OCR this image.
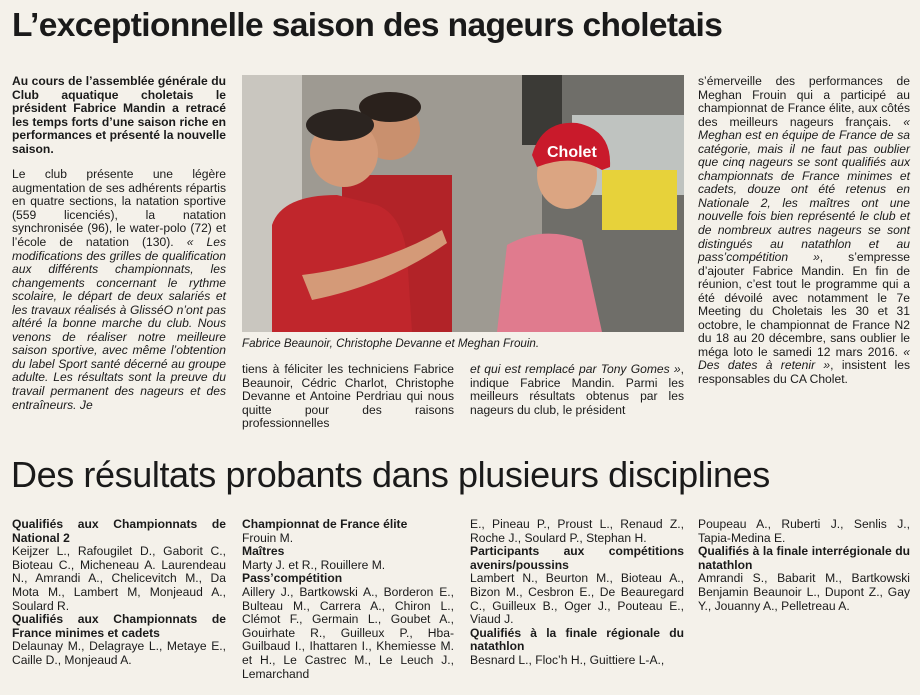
L’exceptionnelle saison des nageurs choletais

Au cours de l’assemblée générale du Club aquatique choletais le président Fabrice Mandin a retracé les temps forts d’une saison riche en performances et présenté la nouvelle saison.

Le club présente une légère augmentation de ses adhérents répartis en quatre sections, la natation sportive (559 licenciés), la natation synchronisée (96), le water-polo (72) et l’école de natation (130). « Les modifications des grilles de qualification aux différents championnats, les changements concernant le rythme scolaire, le départ de deux salariés et les travaux réalisés à GlisséO n’ont pas altéré la bonne marche du club. Nous venons de réaliser notre meilleure saison sportive, avec même l’obtention du label Sport santé décerné au groupe adulte. Les résultats sont la preuve du travail permanent des nageurs et des entraîneurs. Je

Cholet
Fabrice Beaunoir, Christophe Devanne et Meghan Frouin.

tiens à féliciter les techniciens Fabrice Beaunoir, Cédric Charlot, Christophe Devanne et Antoine Perdriau qui nous quitte pour des raisons professionnelles

et qui est remplacé par Tony Gomes », indique Fabrice Mandin. Parmi les meilleurs résultats obtenus par les nageurs du club, le président

s’émerveille des performances de Meghan Frouin qui a participé au championnat de France élite, aux côtés des meilleurs nageurs français. « Meghan est en équipe de France de sa catégorie, mais il ne faut pas oublier que cinq nageurs se sont qualifiés aux championnats de France minimes et cadets, douze ont été retenus en Nationale 2, les maîtres ont une nouvelle fois bien représenté le club et de nombreux autres nageurs se sont distingués au natathlon et au pass’compétition », s’empresse d’ajouter Fabrice Mandin. En fin de réunion, c’est tout le programme qui a été dévoilé avec notamment le 7e Meeting du Choletais les 30 et 31 octobre, le championnat de France N2 du 18 au 20 décembre, sans oublier le méga loto le samedi 12 mars 2016. « Des dates à retenir », insistent les responsables du CA Cholet.

Des résultats probants dans plusieurs disciplines

Qualifiés aux Championnats de National 2

Keijzer L., Rafougilet D., Gaborit C., Bioteau C., Micheneau A. Laurendeau N., Amrandi A., Chelicevitch M., Da Mota M., Lambert M, Monjeaud A., Soulard R.

Qualifiés aux Championnats de France minimes et cadets

Delaunay M., Delagraye L., Metaye E., Caille D., Monjeaud A.

Championnat de France élite

Frouin M.

Maîtres

Marty J. et R., Rouillere M.

Pass’compétition

Aillery J., Bartkowski A., Borderon E., Bulteau M., Carrera A., Chiron L., Clémot F., Germain L., Goubet A., Gouirhate R., Guilleux P., Hba-Guilbaud I., Ihattaren I., Khemiesse M. et H., Le Castrec M., Le Leuch J., Lemarchand

E., Pineau P., Proust L., Renaud Z., Roche J., Soulard P., Stephan H.

Participants aux compétitions avenirs/poussins

Lambert N., Beurton M., Bioteau A., Bizon M., Cesbron E., De Beauregard C., Guilleux B., Oger J., Pouteau E., Viaud J.

Qualifiés à la finale régionale du natathlon

Besnard L., Floc’h H., Guittiere L-A.,

Poupeau A., Ruberti J., Senlis J., Tapia-Medina E.

Qualifiés à la finale interrégionale du natathlon

Amrandi S., Babarit M., Bartkowski Benjamin Beaunoir L., Dupont Z., Gay Y., Jouanny A., Pelletreau A.
